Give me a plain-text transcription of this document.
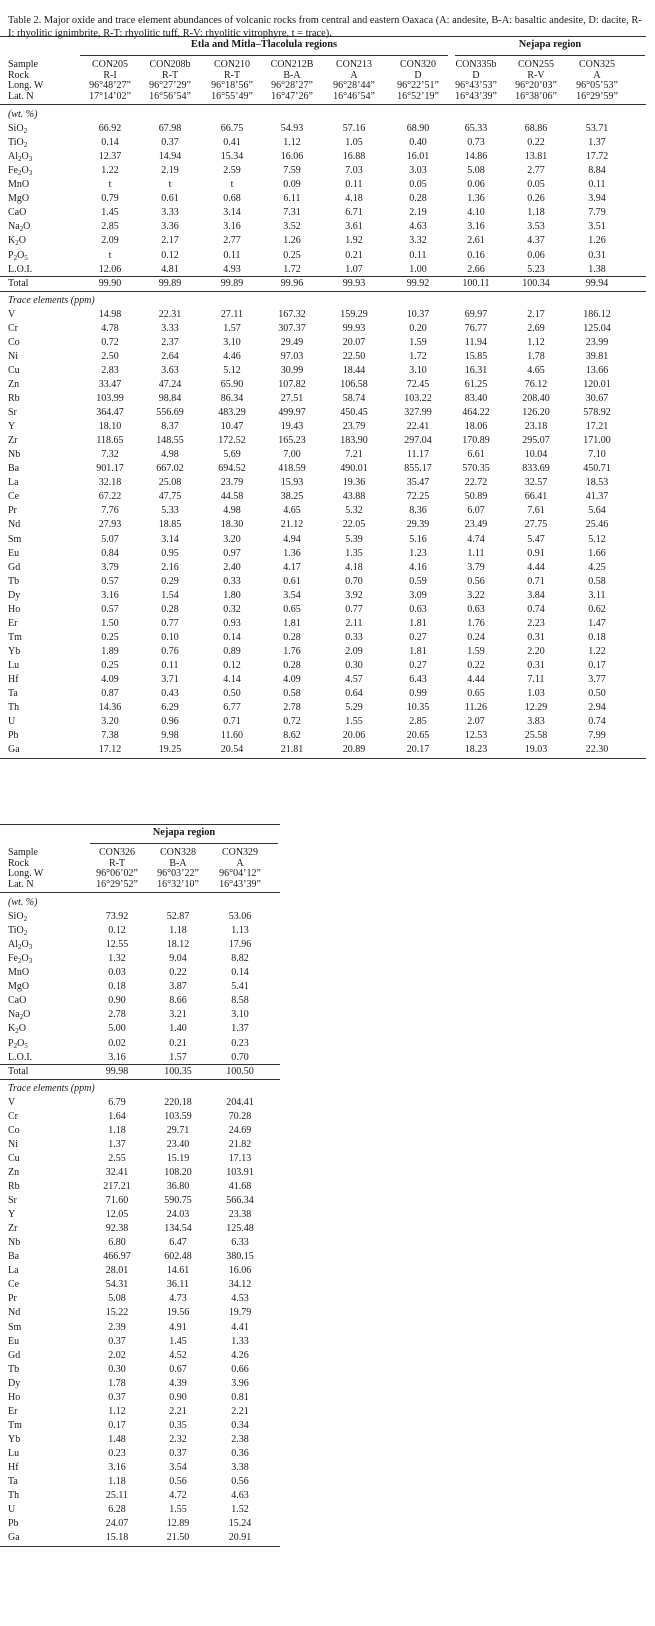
Table 2. Major oxide and trace element abundances of volcanic rocks from central and eastern Oaxaca (A: andesite, B-A: basaltic andesite, D: dacite, R-I: rhyolitic ignimbrite, R-T: rhyolitic tuff, R-V: rhyolitic vitrophyre, t = trace).
Etla and Mitla–Tlacolula regions	Nejapa region
Sample	CON205	CON208b	CON210	CON212B	CON213	CON320	CON335b	CON255	CON325
Rock	R-I	R-T	R-T	B-A	A	D	D	R-V	A
Long. W	96°48’27”	96°27’29”	96°18’56”	96°28’27”	96°28’44”	96°22’51”	96°43’53”	96°20’03”	96°05’53”
Lat. N	17°14’02”	16°56’54”	16°55’49”	16°47’26”	16°46’54”	16°52’19”	16°43’39”	16°38’06”	16°29’59”
(wt. %)
SiO$_2$	66.92	67.98	66.75	54.93	57.16	68.90	65.33	68.86	53.71
TiO$_2$	0.14	0.37	0.41	1.12	1.05	0.40	0.73	0.22	1.37
$Al_2O_3$	12.37	14.94	15.34	16.06	16.88	16.01	14.86	13.81	17.72
$Fe_2O_3$	1.22	2.19	2.59	7.59	7.03	3.03	5.08	2.77	8.84
MnO	t	t	t	0.09	0.11	0.05	0.06	0.05	0.11
MgO	0.79	0.61	0.68	6.11	4.18	0.28	1.36	0.26	3.94
CaO	1.45	3.33	3.14	7.31	6.71	2.19	4.10	1.18	7.79
$Na_2O$	2.85	3.36	3.16	3.52	3.61	4.63	3.16	3.53	3.51
$K_2O$	2.09	2.17	2.77	1.26	1.92	3.32	2.61	4.37	1.26
$P_2O_5$	t	0.12	0.11	0.25	0.21	0.11	0.16	0.06	0.31
L.O.I.	12.06	4.81	4.93	1.72	1.07	1.00	2.66	5.23	1.38
Total	99.90	99.89	99.89	99.96	99.93	99.92	100.11	100.34	99.94
Trace elements (ppm)
V	14.98	22.31	27.11	167.32	159.29	10.37	69.97	2.17	186.12
Cr	4.78	3.33	1.57	307.37	99.93	0.20	76.77	2.69	125.04
Co	0.72	2.37	3.10	29.49	20.07	1.59	11.94	1.12	23.99
Ni	2.50	2.64	4.46	97.03	22.50	1.72	15.85	1.78	39.81
Cu	2.83	3.63	5.12	30.99	18.44	3.10	16.31	4.65	13.66
Zn	33.47	47.24	65.90	107.82	106.58	72.45	61.25	76.12	120.01
Rb	103.99	98.84	86.34	27.51	58.74	103.22	83.40	208.40	30.67
Sr	364.47	556.69	483.29	499.97	450.45	327.99	464.22	126.20	578.92
Y	18.10	8.37	10.47	19.43	23.79	22.41	18.06	23.18	17.21
Zr	118.65	148.55	172.52	165.23	183.90	297.04	170.89	295.07	171.00
Nb	7.32	4.98	5.69	7.00	7.21	11.17	6.61	10.04	7.10
Ba	901.17	667.02	694.52	418.59	490.01	855.17	570.35	833.69	450.71
La	32.18	25.08	23.79	15.93	19.36	35.47	22.72	32.57	18.53
Ce	67.22	47.75	44.58	38.25	43.88	72.25	50.89	66.41	41.37
Pr	7.76	5.33	4.98	4.65	5.32	8.36	6.07	7.61	5.64
Nd	27.93	18.85	18.30	21.12	22.05	29.39	23.49	27.75	25.46
Sm	5.07	3.14	3.20	4.94	5.39	5.16	4.74	5.47	5.12
Eu	0.84	0.95	0.97	1.36	1.35	1.23	1.11	0.91	1.66
Gd	3.79	2.16	2.40	4.17	4.18	4.16	3.79	4.44	4.25
Tb	0.57	0.29	0.33	0.61	0.70	0.59	0.56	0.71	0.58
Dy	3.16	1.54	1.80	3.54	3.92	3.09	3.22	3.84	3.11
Ho	0.57	0.28	0.32	0.65	0.77	0.63	0.63	0.74	0.62
Er	1.50	0.77	0.93	1.81	2.11	1.81	1.76	2.23	1.47
Tm	0.25	0.10	0.14	0.28	0.33	0.27	0.24	0.31	0.18
Yb	1.89	0.76	0.89	1.76	2.09	1.81	1.59	2.20	1.22
Lu	0.25	0.11	0.12	0.28	0.30	0.27	0.22	0.31	0.17
Hf	4.09	3.71	4.14	4.09	4.57	6.43	4.44	7.11	3.77
Ta	0.87	0.43	0.50	0.58	0.64	0.99	0.65	1.03	0.50
Th	14.36	6.29	6.77	2.78	5.29	10.35	11.26	12.29	2.94
U	3.20	0.96	0.71	0.72	1.55	2.85	2.07	3.83	0.74
Pb	7.38	9.98	11.60	8.62	20.06	20.65	12.53	25.58	7.99
Ga	17.12	19.25	20.54	21.81	20.89	20.17	18.23	19.03	22.30
Nejapa region
Sample	CON326	CON328	CON329
Rock	R-T	B-A	A
Long. W	96°06’02”	96°03’22”	96°04’12”
Lat. N	16°29’52”	16°32’10”	16°43’39”
(wt. %)
SiO$_2$	73.92	52.87	53.06
TiO$_2$	0.12	1.18	1.13
$Al_2O_3$	12.55	18.12	17.96
$Fe_2O_3$	1.32	9.04	8.82
MnO	0.03	0.22	0.14
MgO	0.18	3.87	5.41
CaO	0.90	8.66	8.58
$Na_2O$	2.78	3.21	3.10
$K_2O$	5.00	1.40	1.37
$P_2O_5$	0.02	0.21	0.23
L.O.I.	3.16	1.57	0.70
Total	99.98	100.35	100.50
Trace elements (ppm)
V	6.79	220.18	204.41
Cr	1.64	103.59	70.28
Co	1.18	29.71	24.69
Ni	1.37	23.40	21.82
Cu	2.55	15.19	17.13
Zn	32.41	108.20	103.91
Rb	217.21	36.80	41.68
Sr	71.60	590.75	566.34
Y	12.05	24.03	23.38
Zr	92.38	134.54	125.48
Nb	6.80	6.47	6.33
Ba	466.97	602.48	380.15
La	28.01	14.61	16.06
Ce	54.31	36.11	34.12
Pr	5.08	4.73	4.53
Nd	15.22	19.56	19.79
Sm	2.39	4.91	4.41
Eu	0.37	1.45	1.33
Gd	2.02	4.52	4.26
Tb	0.30	0.67	0.66
Dy	1.78	4.39	3.96
Ho	0.37	0.90	0.81
Er	1.12	2.21	2.21
Tm	0.17	0.35	0.34
Yb	1.48	2.32	2.38
Lu	0.23	0.37	0.36
Hf	3.16	3.54	3.38
Ta	1.18	0.56	0.56
Th	25.11	4.72	4.63
U	6.28	1.55	1.52
Pb	24.07	12.89	15.24
Ga	15.18	21.50	20.91
